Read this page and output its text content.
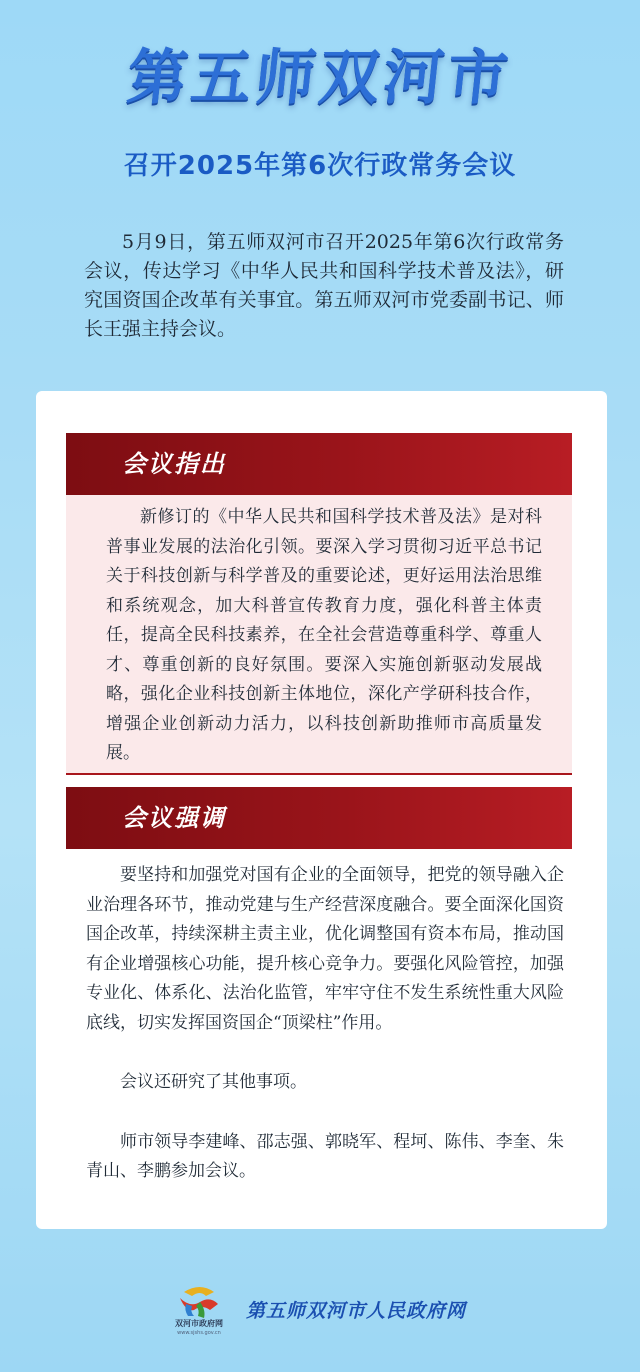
第五师双河市
召开2025年第6次行政常务会议
5月9日，第五师双河市召开2025年第6次行政常务会议，传达学习《中华人民共和国科学技术普及法》，研究国资国企改革有关事宜。第五师双河市党委副书记、师长王强主持会议。
会议指出
新修订的《中华人民共和国科学技术普及法》是对科普事业发展的法治化引领。要深入学习贯彻习近平总书记关于科技创新与科学普及的重要论述，更好运用法治思维和系统观念，加大科普宣传教育力度，强化科普主体责任，提高全民科技素养，在全社会营造尊重科学、尊重人才、尊重创新的良好氛围。要深入实施创新驱动发展战略，强化企业科技创新主体地位，深化产学研科技合作，增强企业创新动力活力，以科技创新助推师市高质量发展。
会议强调

要坚持和加强党对国有企业的全面领导，把党的领导融入企业治理各环节，推动党建与生产经营深度融合。要全面深化国资国企改革，持续深耕主责主业，优化调整国有资本布局，推动国有企业增强核心功能，提升核心竞争力。要强化风险管控，加强专业化、体系化、法治化监管，牢牢守住不发生系统性重大风险底线，切实发挥国资国企“顶梁柱”作用。

会议还研究了其他事项。

师市领导李建峰、邵志强、郭晓军、程坷、陈伟、李奎、朱青山、李鹏参加会议。

双河市政府网
www.sjshs.gov.cn
第五师双河市人民政府网
